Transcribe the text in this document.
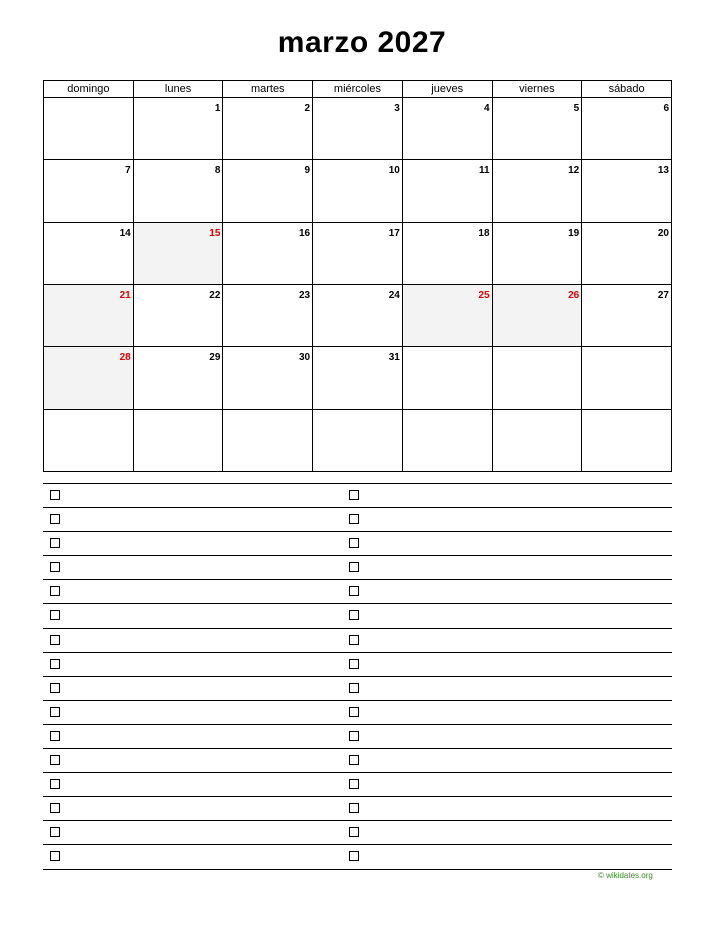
marzo 2027
domingo	lunes	martes	miércoles	jueves	viernes	sábado
	1	2	3	4	5	6
7	8	9	10	11	12	13
14	15	16	17	18	19	20
21	22	23	24	25	26	27
28	29	30	31			

© wikidates.org
